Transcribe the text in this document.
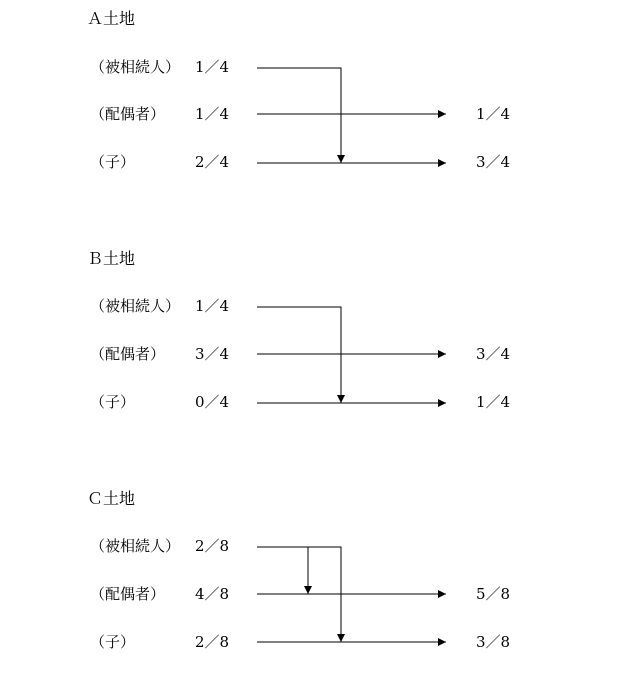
Ａ土地
（被相続人） 1／4
（配偶者） 1／4	1／4
（子）	2／4	3／4
Ｂ土地
（被相続人） 1／4
（配偶者） 3／4	3／4
（子）	0／4	1／4
Ｃ土地
（被相続人） 2／8
（配偶者） 4／8	5／8
（子）	2／8	3／8
